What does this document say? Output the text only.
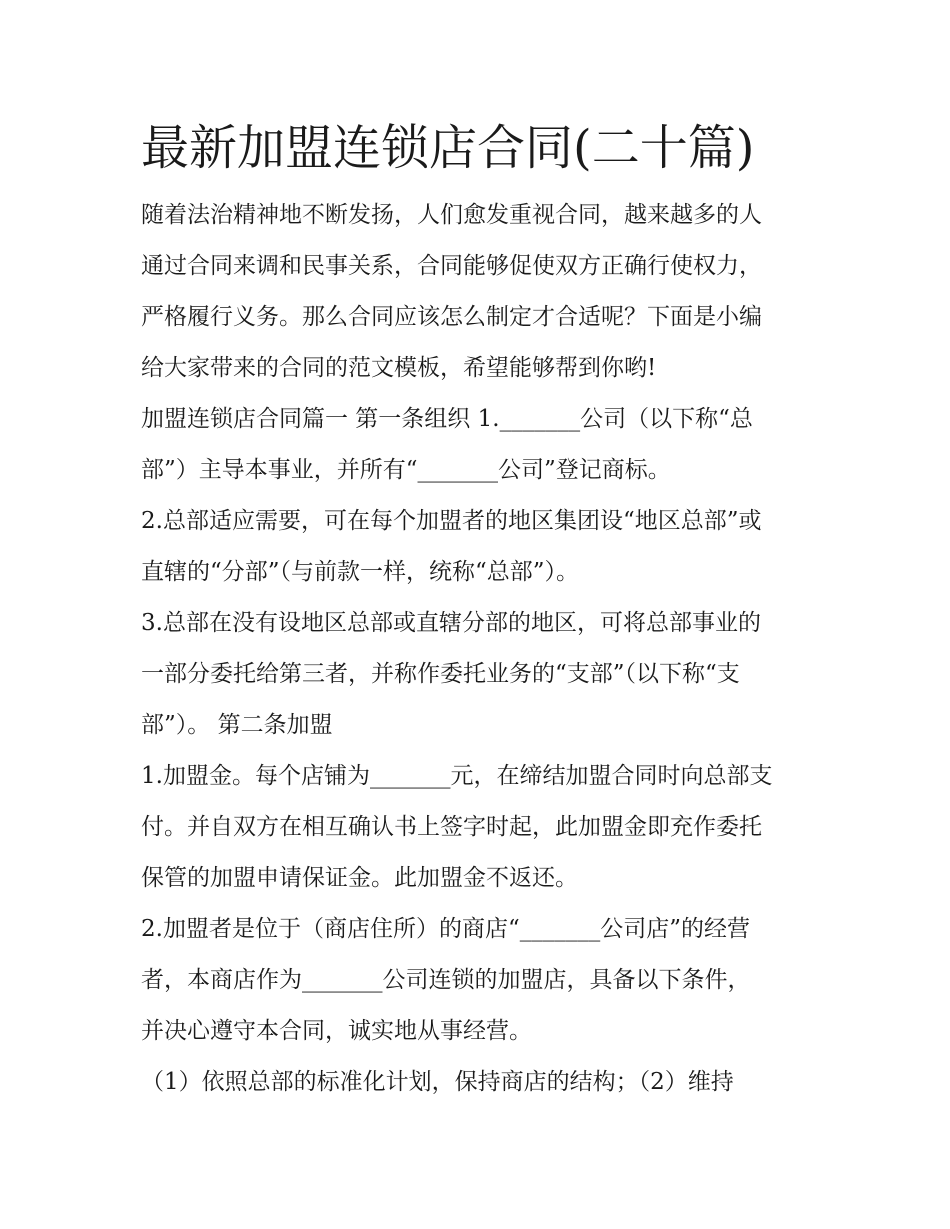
最新加盟连锁店合同(二十篇)

随着法治精神地不断发扬，人们愈发重视合同，越来越多的人

通过合同来调和民事关系，合同能够促使双方正确行使权力，

严格履行义务。那么合同应该怎么制定才合适呢？下面是小编

给大家带来的合同的范文模板，希望能够帮到你哟!

加盟连锁店合同篇一 第一条组织 1._______公司（以下称“总

部”）主导本事业，并所有“_______公司”登记商标。

2.总部适应需要，可在每个加盟者的地区集团设“地区总部”或

直辖的“分部”（与前款一样，统称“总部”）。

3.总部在没有设地区总部或直辖分部的地区，可将总部事业的

一部分委托给第三者，并称作委托业务的“支部”（以下称“支

部”）。 第二条加盟

1.加盟金。每个店铺为_______元，在缔结加盟合同时向总部支

付。并自双方在相互确认书上签字时起，此加盟金即充作委托

保管的加盟申请保证金。此加盟金不返还。

2.加盟者是位于（商店住所）的商店“_______公司店”的经营

者，本商店作为_______公司连锁的加盟店，具备以下条件，

并决心遵守本合同，诚实地从事经营。

（1）依照总部的标准化计划，保持商店的结构；（2）维持
